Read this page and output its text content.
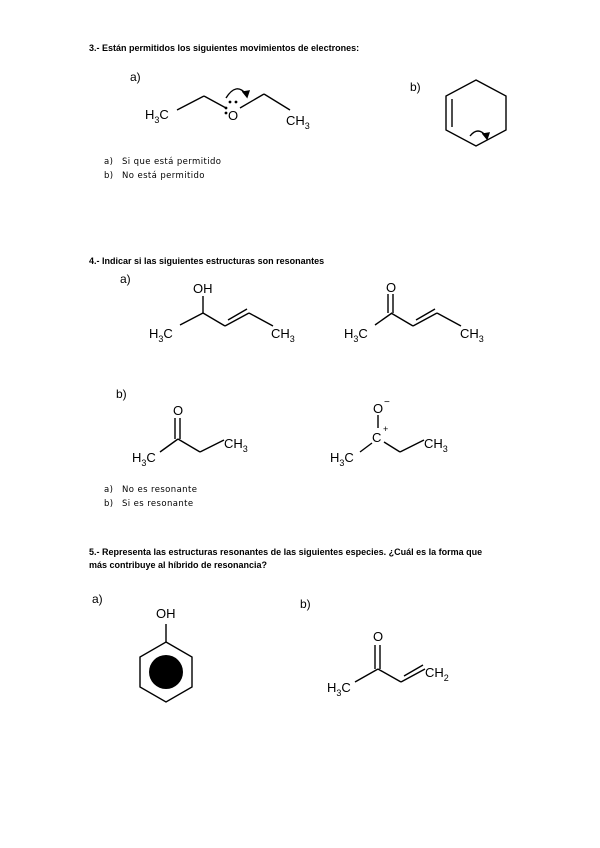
3.- Están permitidos los siguientes movimientos de electrones:
a)
b)
$H_3C$	O	$CH_3$
a) Si que está permitido
b) No está permitido
4.- Indicar si las siguientes estructuras son resonantes
a)
OH
$H_3C$	$CH_3$
O
$H_3C$	$CH_3$
b)
O
$H_3C$
$CH_3$
O −
C
+
$H_3C$
$CH_3$
a) No es resonante
b) Si es resonante
5.- Representa las estructuras resonantes de las siguientes especies. ¿Cuál es la forma que
más contribuye al híbrido de resonancia?
a)	b)
OH
O
$H_3C$
$CH_2$
